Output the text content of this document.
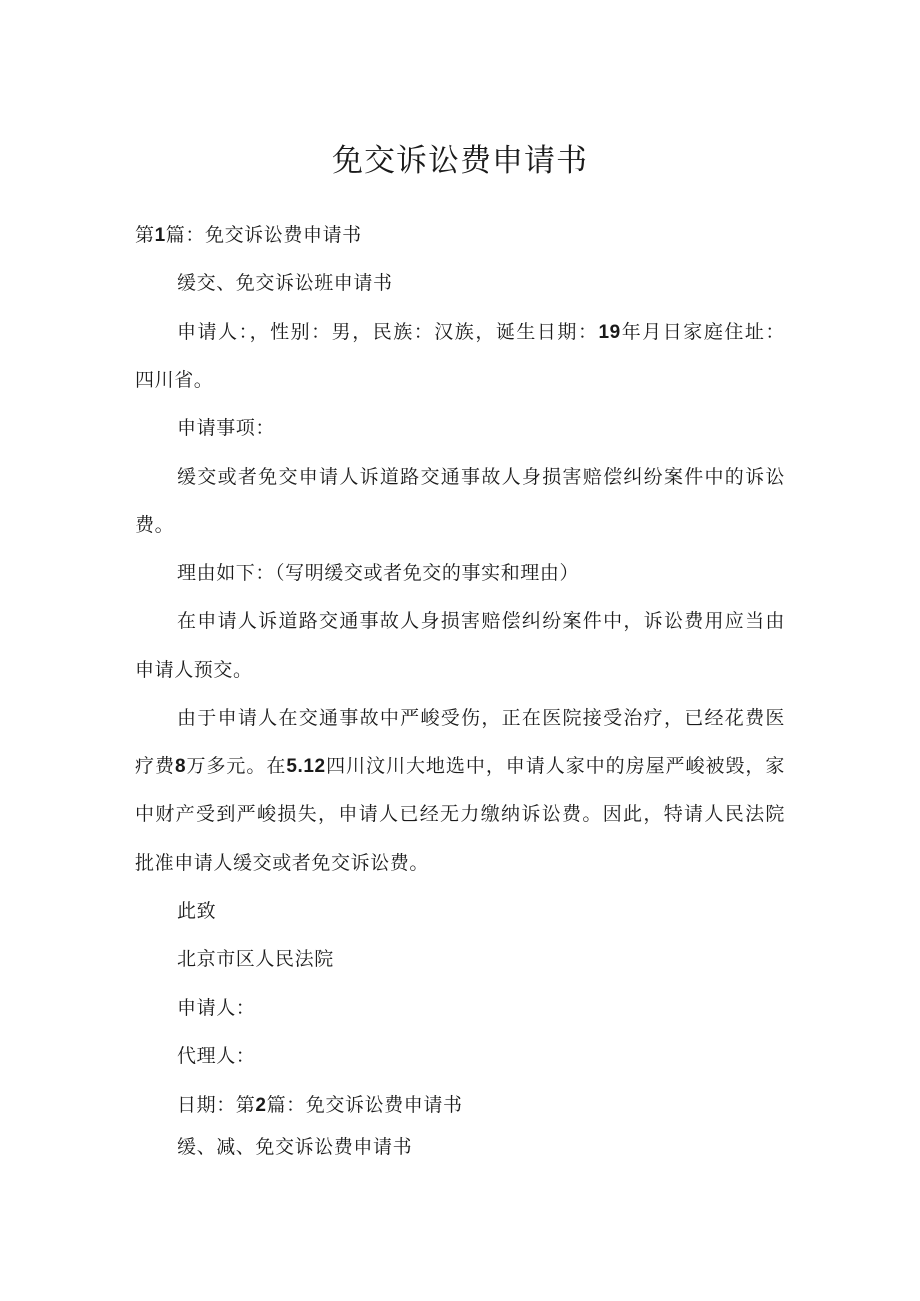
免交诉讼费申请书

第1篇：免交诉讼费申请书

缓交、免交诉讼班申请书

申请人：，性别：男，民族：汉族，诞生日期：19年月日家庭住址：

四川省。

申请事项：

缓交或者免交申请人诉道路交通事故人身损害赔偿纠纷案件中的诉讼

费。

理由如下：（写明缓交或者免交的事实和理由）

在申请人诉道路交通事故人身损害赔偿纠纷案件中，诉讼费用应当由

申请人预交。

由于申请人在交通事故中严峻受伤，正在医院接受治疗，已经花费医

疗费8万多元。在5.12四川汶川大地选中，申请人家中的房屋严峻被毁，家

中财产受到严峻损失，申请人已经无力缴纳诉讼费。因此，特请人民法院

批准申请人缓交或者免交诉讼费。

此致

北京市区人民法院

申请人：

代理人：

日期：第2篇：免交诉讼费申请书

缓、减、免交诉讼费申请书
